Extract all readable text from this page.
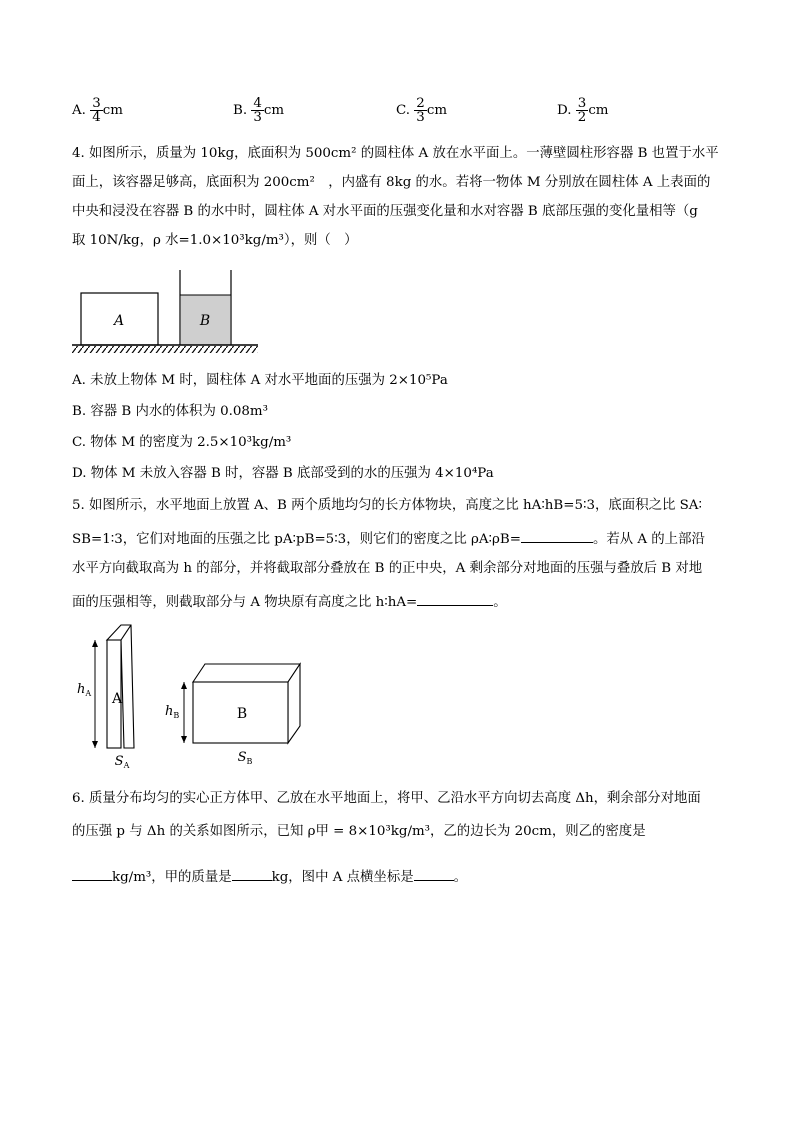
A. $\frac{3}{4}$ cm	B. $\frac{4}{3}$ cm	C. $\frac{2}{3}$ cm	D. $\frac{3}{2}$ cm
4. 如图所示，质量为 10kg，底面积为 500cm² 的圆柱体 A 放在水平面上。一薄壁圆柱形容器 B 也置于水平
面上，该容器足够高，底面积为 200cm²　，内盛有 8kg 的水。若将一物体 M 分别放在圆柱体 A 上表面的
中央和浸没在容器 B 的水中时，圆柱体 A 对水平面的压强变化量和水对容器 B 底部压强的变化量相等（g
取 10N/kg，ρ 水=1.0×10³kg/m³），则（　）
A	B
A. 未放上物体 M 时，圆柱体 A 对水平地面的压强为 2×10⁵Pa
B. 容器 B 内水的体积为 0.08m³
C. 物体 M 的密度为 2.5×10³kg/m³
D. 物体 M 未放入容器 B 时，容器 B 底部受到的水的压强为 4×10⁴Pa
5. 如图所示，水平地面上放置 A、B 两个质地均匀的长方体物块，高度之比 hA∶hB=5∶3，底面积之比 SA∶
SB=1∶3，它们对地面的压强之比 pA∶pB=5∶3，则它们的密度之比 ρA∶ρB=	。若从 A 的上部沿
水平方向截取高为 h 的部分，并将截取部分叠放在 B 的正中央，A 剩余部分对地面的压强与叠放后 B 对地
面的压强相等，则截取部分与 A 物块原有高度之比 h∶hA=	。
A
$h_A$
$S_A$
B
$h_B$
$S_B$
6. 质量分布均匀的实心正方体甲、乙放在水平地面上，将甲、乙沿水平方向切去高度 Δh，剩余部分对地面
的压强 p 与 Δh 的关系如图所示，已知 ρ甲 = 8×10³kg/m³，乙的边长为 20cm，则乙的密度是
kg/m³，甲的质量是	kg，图中 A 点横坐标是	。
